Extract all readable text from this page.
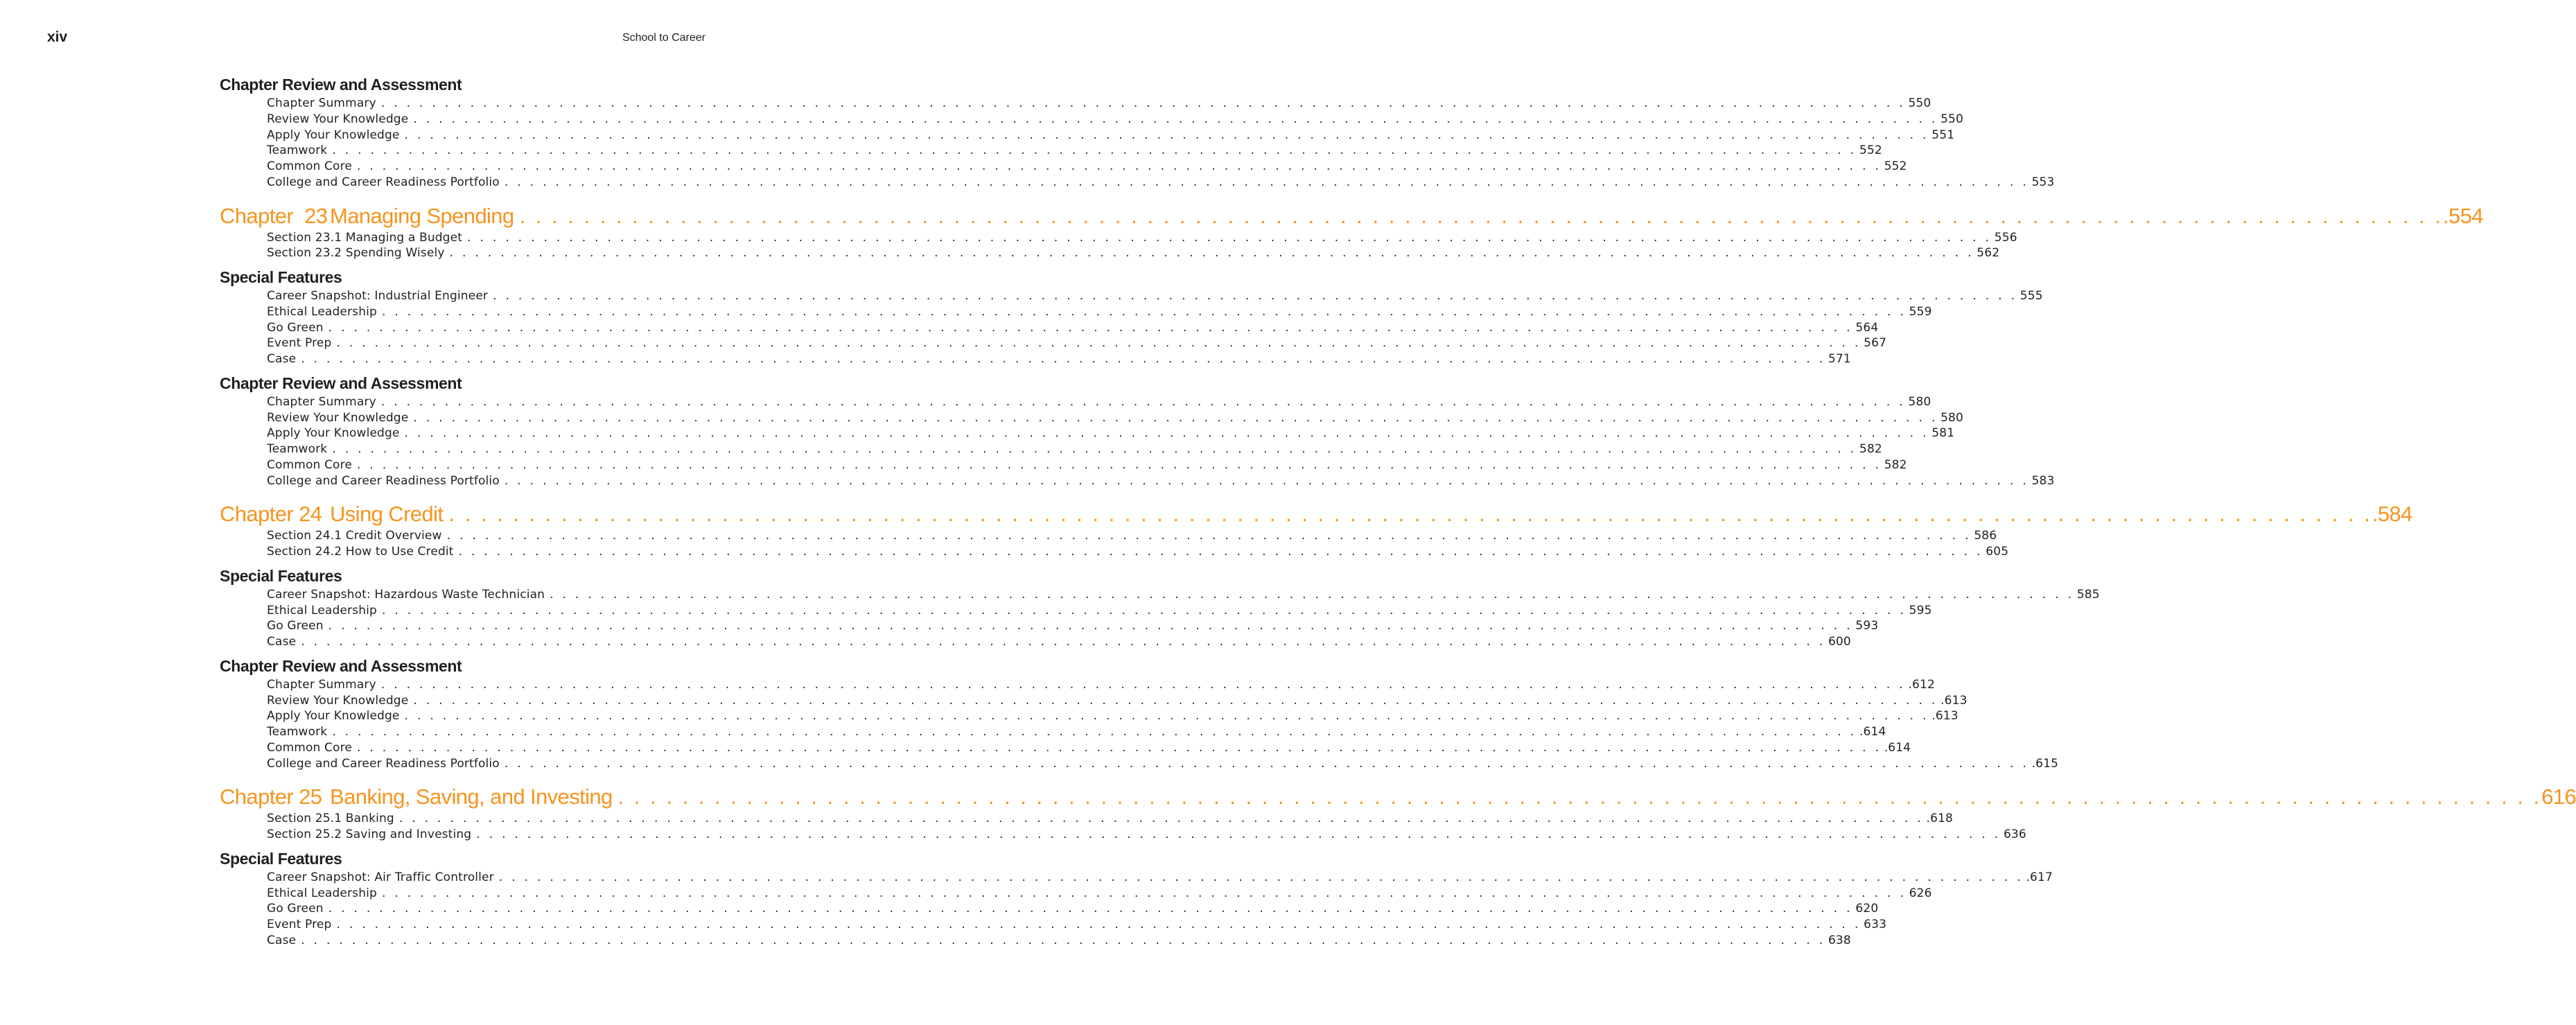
xiv	School to Career
Chapter Review and Assessment
Chapter Summary . . . . . . . . . . . . . . . . . . . . . . . . . . . . . . . . . . . . . . . . . . . . . . . . . . . . . . . . . . . . . . . . . . . . . . . . . . . . . . . . . . . . . . . . . . . . . . . . . . . . . . . . . . . . . . . . . . . . . . . . 550
Review Your Knowledge . . . . . . . . . . . . . . . . . . . . . . . . . . . . . . . . . . . . . . . . . . . . . . . . . . . . . . . . . . . . . . . . . . . . . . . . . . . . . . . . . . . . . . . . . . . . . . . . . . . . . . . . . . . . . . . . . . . . . . . . 550
Apply Your Knowledge . . . . . . . . . . . . . . . . . . . . . . . . . . . . . . . . . . . . . . . . . . . . . . . . . . . . . . . . . . . . . . . . . . . . . . . . . . . . . . . . . . . . . . . . . . . . . . . . . . . . . . . . . . . . . . . . . . . . . . . . 551
Teamwork . . . . . . . . . . . . . . . . . . . . . . . . . . . . . . . . . . . . . . . . . . . . . . . . . . . . . . . . . . . . . . . . . . . . . . . . . . . . . . . . . . . . . . . . . . . . . . . . . . . . . . . . . . . . . . . . . . . . . . . . 552
Common Core . . . . . . . . . . . . . . . . . . . . . . . . . . . . . . . . . . . . . . . . . . . . . . . . . . . . . . . . . . . . . . . . . . . . . . . . . . . . . . . . . . . . . . . . . . . . . . . . . . . . . . . . . . . . . . . . . . . . . . . . 552
College and Career Readiness Portfolio . . . . . . . . . . . . . . . . . . . . . . . . . . . . . . . . . . . . . . . . . . . . . . . . . . . . . . . . . . . . . . . . . . . . . . . . . . . . . . . . . . . . . . . . . . . . . . . . . . . . . . . . . . . . . . . . . . . . . . . . 553
Chapter  23 Managing Spending . . . . . . . . . . . . . . . . . . . . . . . . . . . . . . . . . . . . . . . . . . . . . . . . . . . . . . . . . . . . . . . . . . . . . . . . . . . . . . . . . . . . . . . . . . . . . . . . . . . . . . . . . . . . . . . . . . . . . . . . .554
Section 23.1 Managing a Budget . . . . . . . . . . . . . . . . . . . . . . . . . . . . . . . . . . . . . . . . . . . . . . . . . . . . . . . . . . . . . . . . . . . . . . . . . . . . . . . . . . . . . . . . . . . . . . . . . . . . . . . . . . . . . . . . . . . . . . . . 556
Section 23.2 Spending Wisely . . . . . . . . . . . . . . . . . . . . . . . . . . . . . . . . . . . . . . . . . . . . . . . . . . . . . . . . . . . . . . . . . . . . . . . . . . . . . . . . . . . . . . . . . . . . . . . . . . . . . . . . . . . . . . . . . . . . . . . . 562
Special Features
Career Snapshot: Industrial Engineer . . . . . . . . . . . . . . . . . . . . . . . . . . . . . . . . . . . . . . . . . . . . . . . . . . . . . . . . . . . . . . . . . . . . . . . . . . . . . . . . . . . . . . . . . . . . . . . . . . . . . . . . . . . . . . . . . . . . . . . . 555
Ethical Leadership . . . . . . . . . . . . . . . . . . . . . . . . . . . . . . . . . . . . . . . . . . . . . . . . . . . . . . . . . . . . . . . . . . . . . . . . . . . . . . . . . . . . . . . . . . . . . . . . . . . . . . . . . . . . . . . . . . . . . . . . 559
Go Green . . . . . . . . . . . . . . . . . . . . . . . . . . . . . . . . . . . . . . . . . . . . . . . . . . . . . . . . . . . . . . . . . . . . . . . . . . . . . . . . . . . . . . . . . . . . . . . . . . . . . . . . . . . . . . . . . . . . . . . . 564
Event Prep . . . . . . . . . . . . . . . . . . . . . . . . . . . . . . . . . . . . . . . . . . . . . . . . . . . . . . . . . . . . . . . . . . . . . . . . . . . . . . . . . . . . . . . . . . . . . . . . . . . . . . . . . . . . . . . . . . . . . . . . 567
Case . . . . . . . . . . . . . . . . . . . . . . . . . . . . . . . . . . . . . . . . . . . . . . . . . . . . . . . . . . . . . . . . . . . . . . . . . . . . . . . . . . . . . . . . . . . . . . . . . . . . . . . . . . . . . . . . . . . . . . . . 571
Chapter Review and Assessment
Chapter Summary . . . . . . . . . . . . . . . . . . . . . . . . . . . . . . . . . . . . . . . . . . . . . . . . . . . . . . . . . . . . . . . . . . . . . . . . . . . . . . . . . . . . . . . . . . . . . . . . . . . . . . . . . . . . . . . . . . . . . . . . 580
Review Your Knowledge . . . . . . . . . . . . . . . . . . . . . . . . . . . . . . . . . . . . . . . . . . . . . . . . . . . . . . . . . . . . . . . . . . . . . . . . . . . . . . . . . . . . . . . . . . . . . . . . . . . . . . . . . . . . . . . . . . . . . . . . 580
Apply Your Knowledge . . . . . . . . . . . . . . . . . . . . . . . . . . . . . . . . . . . . . . . . . . . . . . . . . . . . . . . . . . . . . . . . . . . . . . . . . . . . . . . . . . . . . . . . . . . . . . . . . . . . . . . . . . . . . . . . . . . . . . . . 581
Teamwork . . . . . . . . . . . . . . . . . . . . . . . . . . . . . . . . . . . . . . . . . . . . . . . . . . . . . . . . . . . . . . . . . . . . . . . . . . . . . . . . . . . . . . . . . . . . . . . . . . . . . . . . . . . . . . . . . . . . . . . . 582
Common Core . . . . . . . . . . . . . . . . . . . . . . . . . . . . . . . . . . . . . . . . . . . . . . . . . . . . . . . . . . . . . . . . . . . . . . . . . . . . . . . . . . . . . . . . . . . . . . . . . . . . . . . . . . . . . . . . . . . . . . . . 582
College and Career Readiness Portfolio . . . . . . . . . . . . . . . . . . . . . . . . . . . . . . . . . . . . . . . . . . . . . . . . . . . . . . . . . . . . . . . . . . . . . . . . . . . . . . . . . . . . . . . . . . . . . . . . . . . . . . . . . . . . . . . . . . . . . . . . 583
Chapter 24 Using Credit . . . . . . . . . . . . . . . . . . . . . . . . . . . . . . . . . . . . . . . . . . . . . . . . . . . . . . . . . . . . . . . . . . . . . . . . . . . . . . . . . . . . . . . . . . . . . . . . . . . . . . . . . . . . . . . . . . . . . . . . .584
Section 24.1 Credit Overview . . . . . . . . . . . . . . . . . . . . . . . . . . . . . . . . . . . . . . . . . . . . . . . . . . . . . . . . . . . . . . . . . . . . . . . . . . . . . . . . . . . . . . . . . . . . . . . . . . . . . . . . . . . . . . . . . . . . . . . . 586
Section 24.2 How to Use Credit . . . . . . . . . . . . . . . . . . . . . . . . . . . . . . . . . . . . . . . . . . . . . . . . . . . . . . . . . . . . . . . . . . . . . . . . . . . . . . . . . . . . . . . . . . . . . . . . . . . . . . . . . . . . . . . . . . . . . . . . 605
Special Features
Career Snapshot: Hazardous Waste Technician . . . . . . . . . . . . . . . . . . . . . . . . . . . . . . . . . . . . . . . . . . . . . . . . . . . . . . . . . . . . . . . . . . . . . . . . . . . . . . . . . . . . . . . . . . . . . . . . . . . . . . . . . . . . . . . . . . . . . . . . 585
Ethical Leadership . . . . . . . . . . . . . . . . . . . . . . . . . . . . . . . . . . . . . . . . . . . . . . . . . . . . . . . . . . . . . . . . . . . . . . . . . . . . . . . . . . . . . . . . . . . . . . . . . . . . . . . . . . . . . . . . . . . . . . . . 595
Go Green . . . . . . . . . . . . . . . . . . . . . . . . . . . . . . . . . . . . . . . . . . . . . . . . . . . . . . . . . . . . . . . . . . . . . . . . . . . . . . . . . . . . . . . . . . . . . . . . . . . . . . . . . . . . . . . . . . . . . . . . 593
Case . . . . . . . . . . . . . . . . . . . . . . . . . . . . . . . . . . . . . . . . . . . . . . . . . . . . . . . . . . . . . . . . . . . . . . . . . . . . . . . . . . . . . . . . . . . . . . . . . . . . . . . . . . . . . . . . . . . . . . . . 600
Chapter Review and Assessment
Chapter Summary . . . . . . . . . . . . . . . . . . . . . . . . . . . . . . . . . . . . . . . . . . . . . . . . . . . . . . . . . . . . . . . . . . . . . . . . . . . . . . . . . . . . . . . . . . . . . . . . . . . . . . . . . . . . . . . . . . . . . . . . .612
Review Your Knowledge . . . . . . . . . . . . . . . . . . . . . . . . . . . . . . . . . . . . . . . . . . . . . . . . . . . . . . . . . . . . . . . . . . . . . . . . . . . . . . . . . . . . . . . . . . . . . . . . . . . . . . . . . . . . . . . . . . . . . . . . .613
Apply Your Knowledge . . . . . . . . . . . . . . . . . . . . . . . . . . . . . . . . . . . . . . . . . . . . . . . . . . . . . . . . . . . . . . . . . . . . . . . . . . . . . . . . . . . . . . . . . . . . . . . . . . . . . . . . . . . . . . . . . . . . . . . . .613
Teamwork . . . . . . . . . . . . . . . . . . . . . . . . . . . . . . . . . . . . . . . . . . . . . . . . . . . . . . . . . . . . . . . . . . . . . . . . . . . . . . . . . . . . . . . . . . . . . . . . . . . . . . . . . . . . . . . . . . . . . . . . .614
Common Core . . . . . . . . . . . . . . . . . . . . . . . . . . . . . . . . . . . . . . . . . . . . . . . . . . . . . . . . . . . . . . . . . . . . . . . . . . . . . . . . . . . . . . . . . . . . . . . . . . . . . . . . . . . . . . . . . . . . . . . . .614
College and Career Readiness Portfolio . . . . . . . . . . . . . . . . . . . . . . . . . . . . . . . . . . . . . . . . . . . . . . . . . . . . . . . . . . . . . . . . . . . . . . . . . . . . . . . . . . . . . . . . . . . . . . . . . . . . . . . . . . . . . . . . . . . . . . . . .615
Chapter 25 Banking, Saving, and Investing . . . . . . . . . . . . . . . . . . . . . . . . . . . . . . . . . . . . . . . . . . . . . . . . . . . . . . . . . . . . . . . . . . . . . . . . . . . . . . . . . . . . . . . . . . . . . . . . . . . . . . . . . . . . . . . . . . . . . . . . 616
Section 25.1 Banking . . . . . . . . . . . . . . . . . . . . . . . . . . . . . . . . . . . . . . . . . . . . . . . . . . . . . . . . . . . . . . . . . . . . . . . . . . . . . . . . . . . . . . . . . . . . . . . . . . . . . . . . . . . . . . . . . . . . . . . . .618
Section 25.2 Saving and Investing . . . . . . . . . . . . . . . . . . . . . . . . . . . . . . . . . . . . . . . . . . . . . . . . . . . . . . . . . . . . . . . . . . . . . . . . . . . . . . . . . . . . . . . . . . . . . . . . . . . . . . . . . . . . . . . . . . . . . . . . 636
Special Features
Career Snapshot: Air Traffic Controller . . . . . . . . . . . . . . . . . . . . . . . . . . . . . . . . . . . . . . . . . . . . . . . . . . . . . . . . . . . . . . . . . . . . . . . . . . . . . . . . . . . . . . . . . . . . . . . . . . . . . . . . . . . . . . . . . . . . . . . . .617
Ethical Leadership . . . . . . . . . . . . . . . . . . . . . . . . . . . . . . . . . . . . . . . . . . . . . . . . . . . . . . . . . . . . . . . . . . . . . . . . . . . . . . . . . . . . . . . . . . . . . . . . . . . . . . . . . . . . . . . . . . . . . . . . 626
Go Green . . . . . . . . . . . . . . . . . . . . . . . . . . . . . . . . . . . . . . . . . . . . . . . . . . . . . . . . . . . . . . . . . . . . . . . . . . . . . . . . . . . . . . . . . . . . . . . . . . . . . . . . . . . . . . . . . . . . . . . . 620
Event Prep . . . . . . . . . . . . . . . . . . . . . . . . . . . . . . . . . . . . . . . . . . . . . . . . . . . . . . . . . . . . . . . . . . . . . . . . . . . . . . . . . . . . . . . . . . . . . . . . . . . . . . . . . . . . . . . . . . . . . . . . 633
Case . . . . . . . . . . . . . . . . . . . . . . . . . . . . . . . . . . . . . . . . . . . . . . . . . . . . . . . . . . . . . . . . . . . . . . . . . . . . . . . . . . . . . . . . . . . . . . . . . . . . . . . . . . . . . . . . . . . . . . . . 638
